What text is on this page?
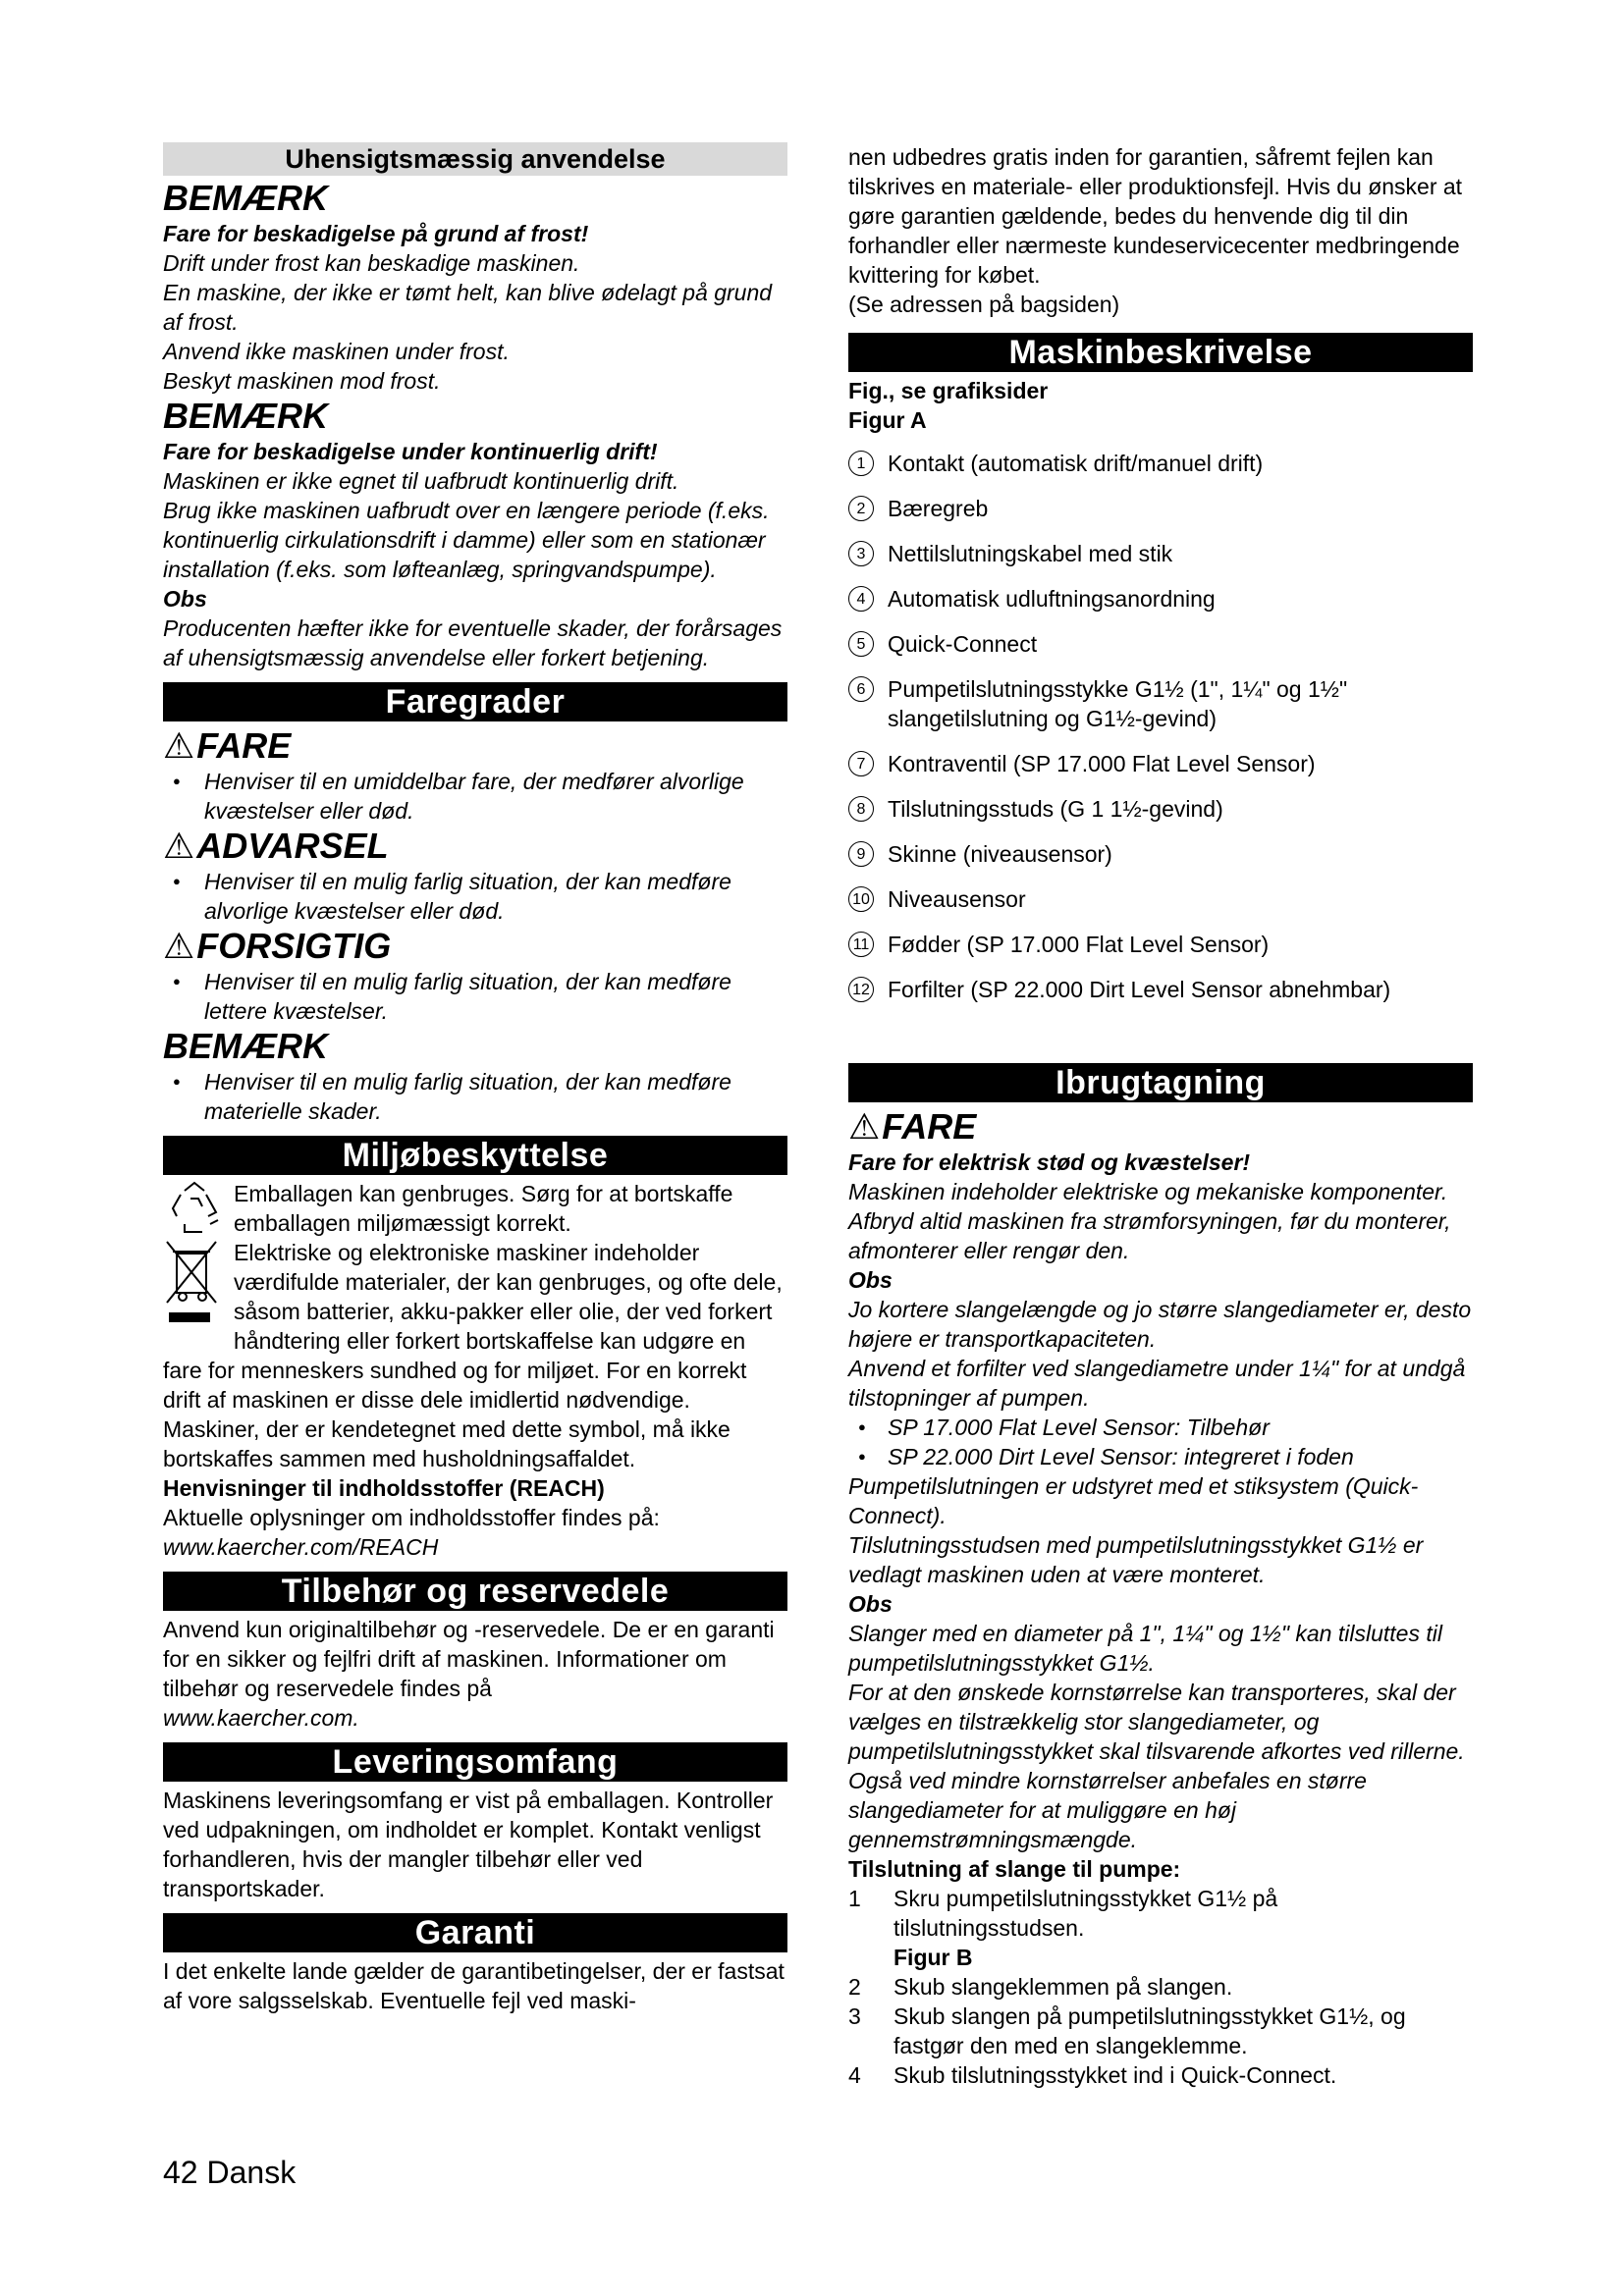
Uhensigtsmæssig anvendelse

BEMÆRK

Fare for beskadigelse på grund af frost!

Drift under frost kan beskadige maskinen.

En maskine, der ikke er tømt helt, kan blive ødelagt på grund af frost.

Anvend ikke maskinen under frost.

Beskyt maskinen mod frost.

BEMÆRK

Fare for beskadigelse under kontinuerlig drift!

Maskinen er ikke egnet til uafbrudt kontinuerlig drift.

Brug ikke maskinen uafbrudt over en længere periode (f.eks. kontinuerlig cirkulationsdrift i damme) eller som en stationær installation (f.eks. som løfteanlæg, springvandspumpe).

Obs

Producenten hæfter ikke for eventuelle skader, der forårsages af uhensigtsmæssig anvendelse eller forkert betjening.

Faregrader

⚠FARE

● Henviser til en umiddelbar fare, der medfører alvorlige kvæstelser eller død.

⚠ADVARSEL

● Henviser til en mulig farlig situation, der kan medføre alvorlige kvæstelser eller død.

⚠FORSIGTIG

● Henviser til en mulig farlig situation, der kan medføre lettere kvæstelser.

BEMÆRK

● Henviser til en mulig farlig situation, der kan medføre materielle skader.

Miljøbeskyttelse

Emballagen kan genbruges. Sørg for at bortskaffe emballagen miljømæssigt korrekt.

Elektriske og elektroniske maskiner indeholder værdifulde materialer, der kan genbruges, og ofte dele, såsom batterier, akku-pakker eller olie, der ved forkert håndtering eller forkert bortskaffelse kan udgøre en fare for menneskers sundhed og for miljøet. For en korrekt drift af maskinen er disse dele imidlertid nødvendige. Maskiner, der er kendetegnet med dette symbol, må ikke bortskaffes sammen med husholdningsaffaldet.

Henvisninger til indholdsstoffer (REACH)

Aktuelle oplysninger om indholdsstoffer findes på:

www.kaercher.com/REACH

Tilbehør og reservedele

Anvend kun originaltilbehør og -reservedele. De er en garanti for en sikker og fejlfri drift af maskinen. Informationer om tilbehør og reservedele findes på

www.kaercher.com.

Leveringsomfang

Maskinens leveringsomfang er vist på emballagen. Kontroller ved udpakningen, om indholdet er komplet. Kontakt venligst forhandleren, hvis der mangler tilbehør eller ved transportskader.

Garanti

I det enkelte lande gælder de garantibetingelser, der er fastsat af vore salgsselskab. Eventuelle fejl ved maski-

nen udbedres gratis inden for garantien, såfremt fejlen kan tilskrives en materiale- eller produktionsfejl. Hvis du ønsker at gøre garantien gældende, bedes du henvende dig til din forhandler eller nærmeste kundeservicecenter medbringende kvittering for købet.

(Se adressen på bagsiden)

Maskinbeskrivelse

Fig., se grafiksider

Figur A

1 Kontakt (automatisk drift/manuel drift)
2 Bæregreb
3 Nettilslutningskabel med stik
4 Automatisk udluftningsanordning
5 Quick-Connect
6 Pumpetilslutningsstykke G1½ (1", 1¼" og 1½" slangetilslutning og G1½-gevind)
7 Kontraventil (SP 17.000 Flat Level Sensor)
8 Tilslutningsstuds (G 1 1½-gevind)
9 Skinne (niveausensor)
10 Niveausensor
11 Fødder (SP 17.000 Flat Level Sensor)
12 Forfilter (SP 22.000 Dirt Level Sensor abnehmbar)
Ibrugtagning

⚠FARE

Fare for elektrisk stød og kvæstelser!

Maskinen indeholder elektriske og mekaniske komponenter.

Afbryd altid maskinen fra strømforsyningen, før du monterer, afmonterer eller rengør den.

Obs

Jo kortere slangelængde og jo større slangediameter er, desto højere er transportkapaciteten.

Anvend et forfilter ved slangediametre under 1¼" for at undgå tilstopninger af pumpen.

● SP 17.000 Flat Level Sensor: Tilbehør

● SP 22.000 Dirt Level Sensor: integreret i foden

Pumpetilslutningen er udstyret med et stiksystem (Quick-Connect).

Tilslutningsstudsen med pumpetilslutningsstykket G1½ er vedlagt maskinen uden at være monteret.

Obs

Slanger med en diameter på 1", 1¼" og 1½" kan tilsluttes til pumpetilslutningsstykket G1½.

For at den ønskede kornstørrelse kan transporteres, skal der vælges en tilstrækkelig stor slangediameter, og pumpetilslutningsstykket skal tilsvarende afkortes ved rillerne. Også ved mindre kornstørrelser anbefales en større slangediameter for at muliggøre en høj gennemstrømningsmængde.

Tilslutning af slange til pumpe:

1 Skru pumpetilslutningsstykket G1½ på tilslutningsstudsen.

Figur B

2 Skub slangeklemmen på slangen.

3 Skub slangen på pumpetilslutningsstykket G1½, og fastgør den med en slangeklemme.

4 Skub tilslutningsstykket ind i Quick-Connect.

42 Dansk
